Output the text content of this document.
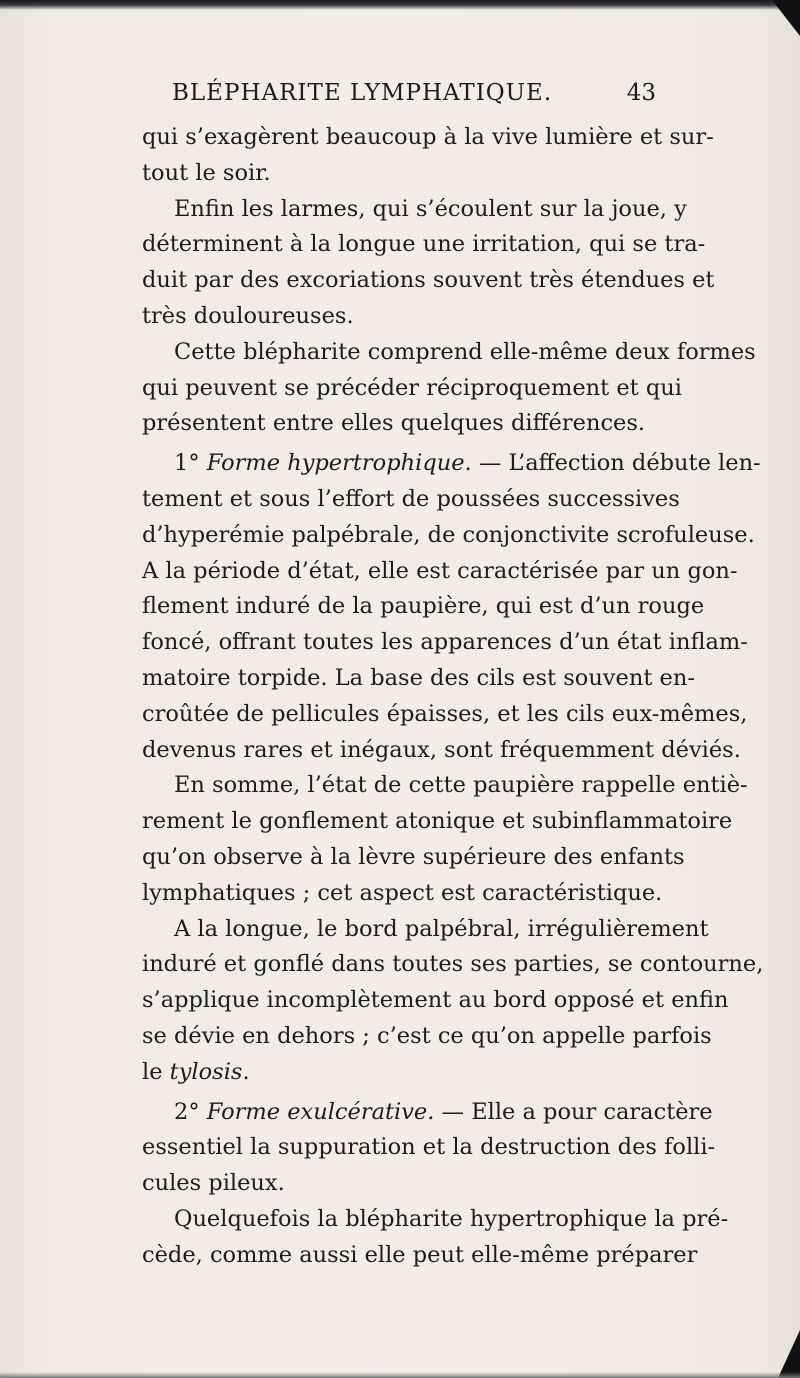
BLÉPHARITE LYMPHATIQUE.	43
qui s’exagèrent beaucoup à la vive lumière et sur-
tout le soir.
Enfin les larmes, qui s’écoulent sur la joue, y
déterminent à la longue une irritation, qui se tra-
duit par des excoriations souvent très étendues et
très douloureuses.
Cette blépharite comprend elle-même deux formes
qui peuvent se précéder réciproquement et qui
présentent entre elles quelques différences.
1° Forme hypertrophique. — L’affection débute len-
tement et sous l’effort de poussées successives
d’hyperémie palpébrale, de conjonctivite scrofuleuse.
A la période d’état, elle est caractérisée par un gon-
flement induré de la paupière, qui est d’un rouge
foncé, offrant toutes les apparences d’un état inflam-
matoire torpide. La base des cils est souvent en-
croûtée de pellicules épaisses, et les cils eux-mêmes,
devenus rares et inégaux, sont fréquemment déviés.
En somme, l’état de cette paupière rappelle entiè-
rement le gonflement atonique et subinflammatoire
qu’on observe à la lèvre supérieure des enfants
lymphatiques ; cet aspect est caractéristique.
A la longue, le bord palpébral, irrégulièrement
induré et gonflé dans toutes ses parties, se contourne,
s’applique incomplètement au bord opposé et enfin
se dévie en dehors ; c’est ce qu’on appelle parfois
le tylosis.
2° Forme exulcérative. — Elle a pour caractère
essentiel la suppuration et la destruction des folli-
cules pileux.
Quelquefois la blépharite hypertrophique la pré-
cède, comme aussi elle peut elle-même préparer
